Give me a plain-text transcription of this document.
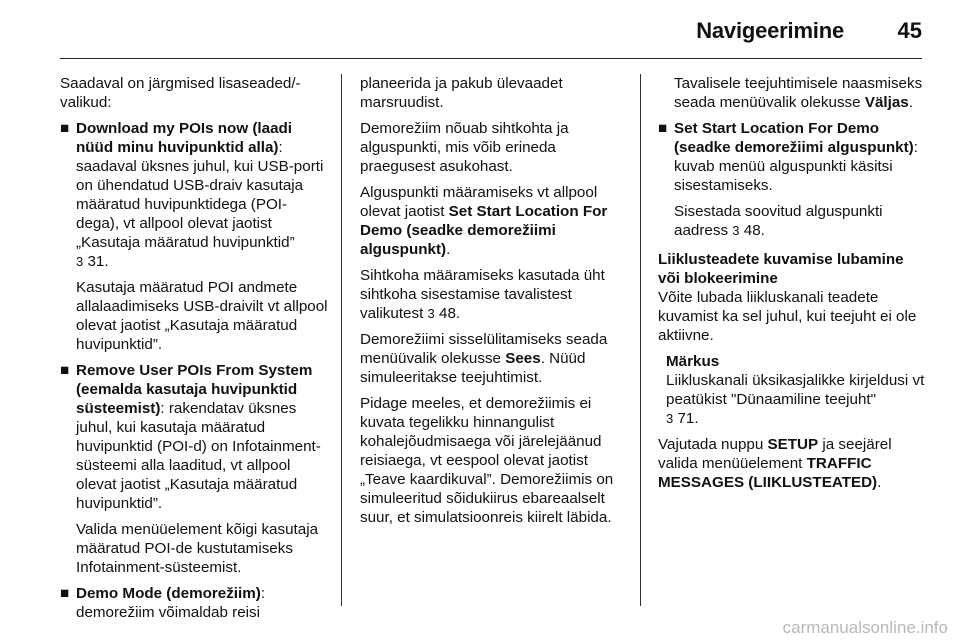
Navigeerimine 45

Saadaval on järgmised lisaseaded/-valikud:

■ Download my POIs now (laadi nüüd minu huvipunktid alla): saadaval üksnes juhul, kui USB-porti on ühendatud USB-draiv kasutaja määratud huvipunktidega (POI-dega), vt allpool olevat jaotist „Kasutaja määratud huvipunktid”
3 31.

Kasutaja määratud POI andmete allalaadimiseks USB-draivilt vt allpool olevat jaotist „Kasutaja määratud huvipunktid”.

■ Remove User POIs From System (eemalda kasutaja huvipunktid süsteemist): rakendatav üksnes juhul, kui kasutaja määratud huvipunktid (POI-d) on Infotainment-süsteemi alla laaditud, vt allpool olevat jaotist „Kasutaja määratud huvipunktid”.

Valida menüüelement kõigi kasutaja määratud POI-de kustutamiseks Infotainment-süsteemist.

■ Demo Mode (demorežiim): demorežiim võimaldab reisi

planeerida ja pakub ülevaadet marsruudist.

Demorežiim nõuab sihtkohta ja alguspunkti, mis võib erineda praegusest asukohast.

Alguspunkti määramiseks vt allpool olevat jaotist Set Start Location For Demo (seadke demorežiimi alguspunkt).

Sihtkoha määramiseks kasutada üht sihtkoha sisestamise tavalistest valikutest 3 48.

Demorežiimi sisselülitamiseks seada menüüvalik olekusse Sees. Nüüd simuleeritakse teejuhtimist.

Pidage meeles, et demorežiimis ei kuvata tegelikku hinnangulist kohalejõudmisaega või järelejäänud reisiaega, vt eespool olevat jaotist „Teave kaardikuval”. Demorežiimis on simuleeritud sõidukiirus ebareaalselt suur, et simulatsioonreis kiirelt läbida.

Tavalisele teejuhtimisele naasmiseks seada menüüvalik olekusse Väljas.

■ Set Start Location For Demo (seadke demorežiimi alguspunkt): kuvab menüü alguspunkti käsitsi sisestamiseks.

Sisestada soovitud alguspunkti aadress 3 48.

Liiklusteadete kuvamise lubamine või blokeerimine

Võite lubada liikluskanali teadete kuvamist ka sel juhul, kui teejuht ei ole aktiivne.

Märkus
Liikluskanali üksikasjalikke kirjeldusi vt peatükist "Dünaamiline teejuht"
3 71.

Vajutada nuppu SETUP ja seejärel valida menüüelement TRAFFIC MESSAGES (LIIKLUSTEATED).

carmanualsonline.info
